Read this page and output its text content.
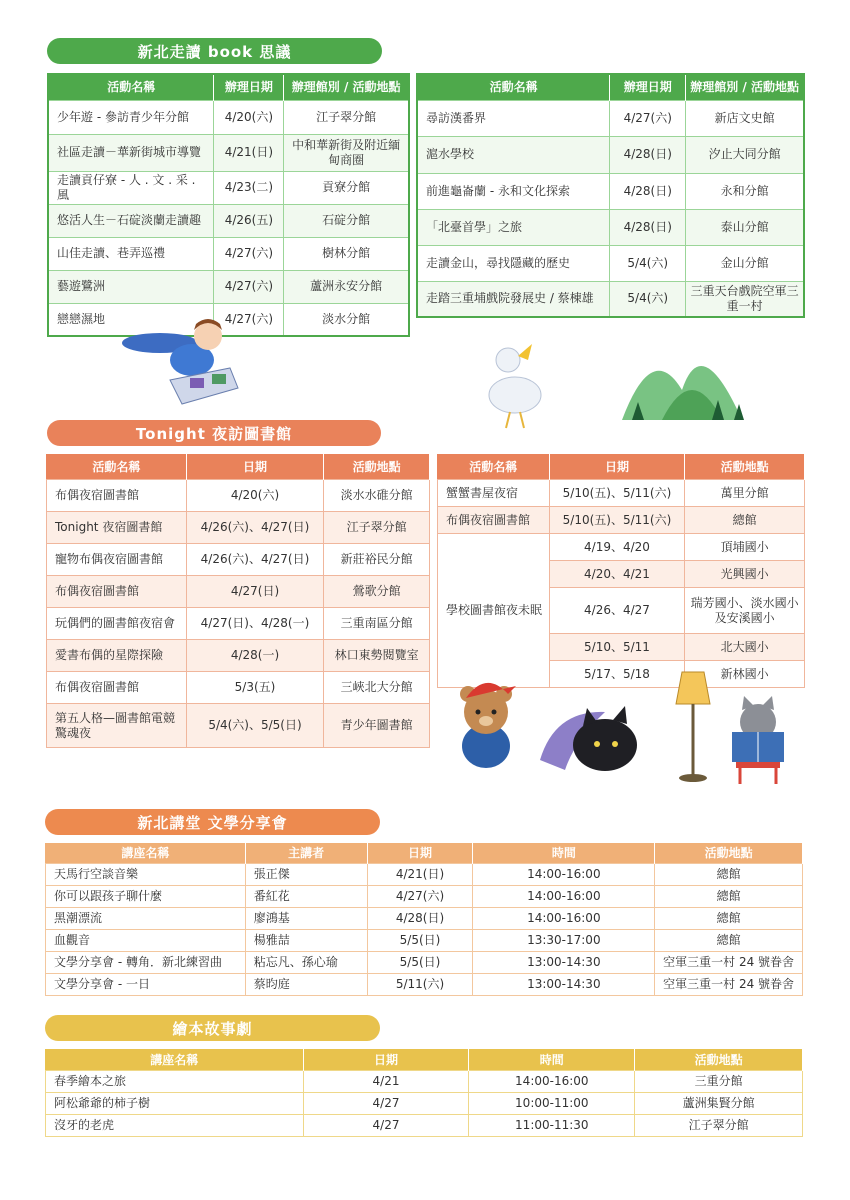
新北走讀 book 思議
活動名稱	辦理日期	辦理館別 / 活動地點
少年遊 - 參訪青少年分館	4/20(六)	江子翠分館
社區走讀－華新街城市導覽	4/21(日)	中和華新街及附近緬甸商圈
走讀貢仔寮 - 人 . 文 . 采 . 風	4/23(二)	貢寮分館
悠活人生－石碇淡蘭走讀趣	4/26(五)	石碇分館
山佳走讀、巷弄巡禮	4/27(六)	樹林分館
藝遊鷺洲	4/27(六)	蘆洲永安分館
戀戀濕地	4/27(六)	淡水分館
活動名稱	辦理日期	辦理館別 / 活動地點
尋訪漢番界	4/27(六)	新店文史館
滬水學校	4/28(日)	汐止大同分館
前進龜崙蘭 - 永和文化探索	4/28(日)	永和分館
「北臺首學」之旅	4/28(日)	泰山分館
走讀金山，尋找隱藏的歷史	5/4(六)	金山分館
走踏三重埔戲院發展史 / 蔡棟雄	5/4(六)	三重天台戲院空軍三重一村
Tonight 夜訪圖書館
活動名稱	日期	活動地點
布偶夜宿圖書館	4/20(六)	淡水水碓分館
Tonight 夜宿圖書館	4/26(六)、4/27(日)	江子翠分館
寵物布偶夜宿圖書館	4/26(六)、4/27(日)	新莊裕民分館
布偶夜宿圖書館	4/27(日)	鶯歌分館
玩偶們的圖書館夜宿會	4/27(日)、4/28(一)	三重南區分館
愛書布偶的星際探險	4/28(一)	林口東勢閱覽室
布偶夜宿圖書館	5/3(五)	三峽北大分館
第五人格—圖書館電競驚魂夜	5/4(六)、5/5(日)	青少年圖書館
活動名稱	日期	活動地點
蟹蟹書屋夜宿	5/10(五)、5/11(六)	萬里分館
布偶夜宿圖書館	5/10(五)、5/11(六)	總館
學校圖書館夜未眠	4/19、4/20	頂埔國小
	4/20、4/21	光興國小
	4/26、4/27	瑞芳國小、淡水國小及安溪國小
	5/10、5/11	北大國小
	5/17、5/18	新林國小
新北講堂 文學分享會
講座名稱	主講者	日期	時間	活動地點
天馬行空談音樂	張正傑	4/21(日)	14:00-16:00	總館
你可以跟孩子聊什麼	番紅花	4/27(六)	14:00-16:00	總館
黑潮漂流	廖鴻基	4/28(日)	14:00-16:00	總館
血觀音	楊雅喆	5/5(日)	13:30-17:00	總館
文學分享會 - 轉角．新北練習曲	粘忘凡、孫心瑜	5/5(日)	13:00-14:30	空軍三重一村 24 號眷舍
文學分享會 - 一日	蔡昀庭	5/11(六)	13:00-14:30	空軍三重一村 24 號眷舍
繪本故事劇
講座名稱	日期	時間	活動地點
春季繪本之旅	4/21	14:00-16:00	三重分館
阿松爺爺的柿子樹	4/27	10:00-11:00	蘆洲集賢分館
沒牙的老虎	4/27	11:00-11:30	江子翠分館
